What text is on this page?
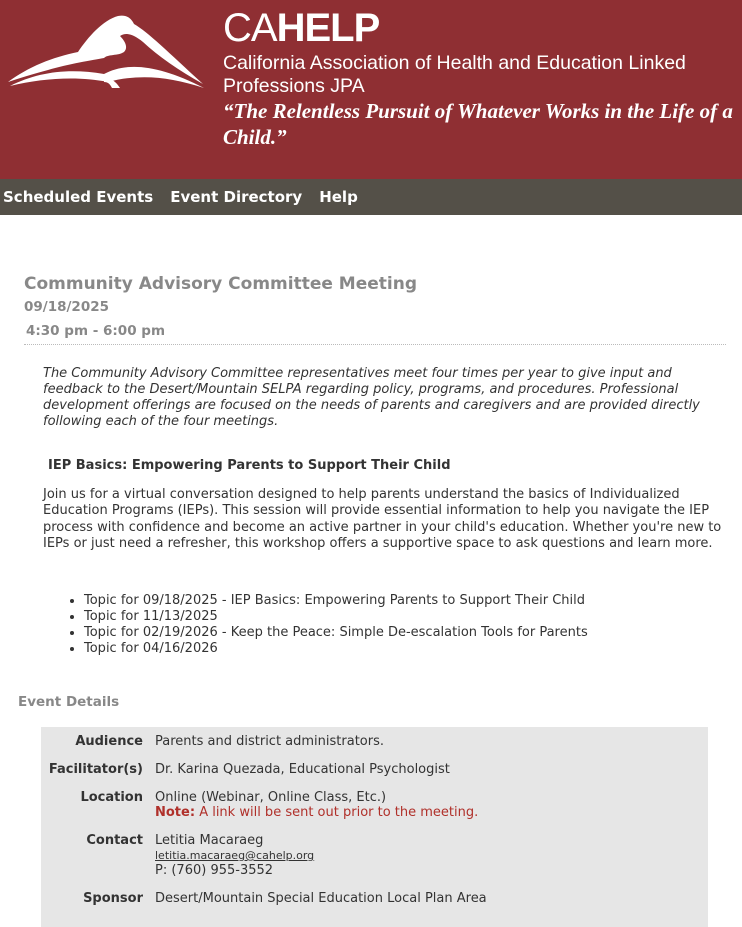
CAHELP
California Association of Health and Education Linked Professions JPA
“The Relentless Pursuit of Whatever Works in the Life of a
Child.”
Scheduled Events Event Directory Help
Community Advisory Committee Meeting
09/18/2025
4:30 pm - 6:00 pm

The Community Advisory Committee representatives meet four times per year to give input and feedback to the Desert/Mountain SELPA regarding policy, programs, and procedures. Professional development offerings are focused on the needs of parents and caregivers and are provided directly following each of the four meetings.

IEP Basics: Empowering Parents to Support Their Child

Join us for a virtual conversation designed to help parents understand the basics of Individualized Education Programs (IEPs). This session will provide essential information to help you navigate the IEP process with confidence and become an active partner in your child's education. Whether you're new to IEPs or just need a refresher, this workshop offers a supportive space to ask questions and learn more.

• Topic for 09/18/2025 - IEP Basics: Empowering Parents to Support Their Child
• Topic for 11/13/2025
• Topic for 02/19/2026 - Keep the Peace: Simple De-escalation Tools for Parents
• Topic for 04/16/2026
Event Details
Audience Parents and district administrators.
Facilitator(s) Dr. Karina Quezada, Educational Psychologist
Location Online (Webinar, Online Class, Etc.)
Note: A link will be sent out prior to the meeting.
Contact Letitia Macaraeg
letitia.macaraeg@cahelp.org
P: (760) 955-3552
Sponsor Desert/Mountain Special Education Local Plan Area
